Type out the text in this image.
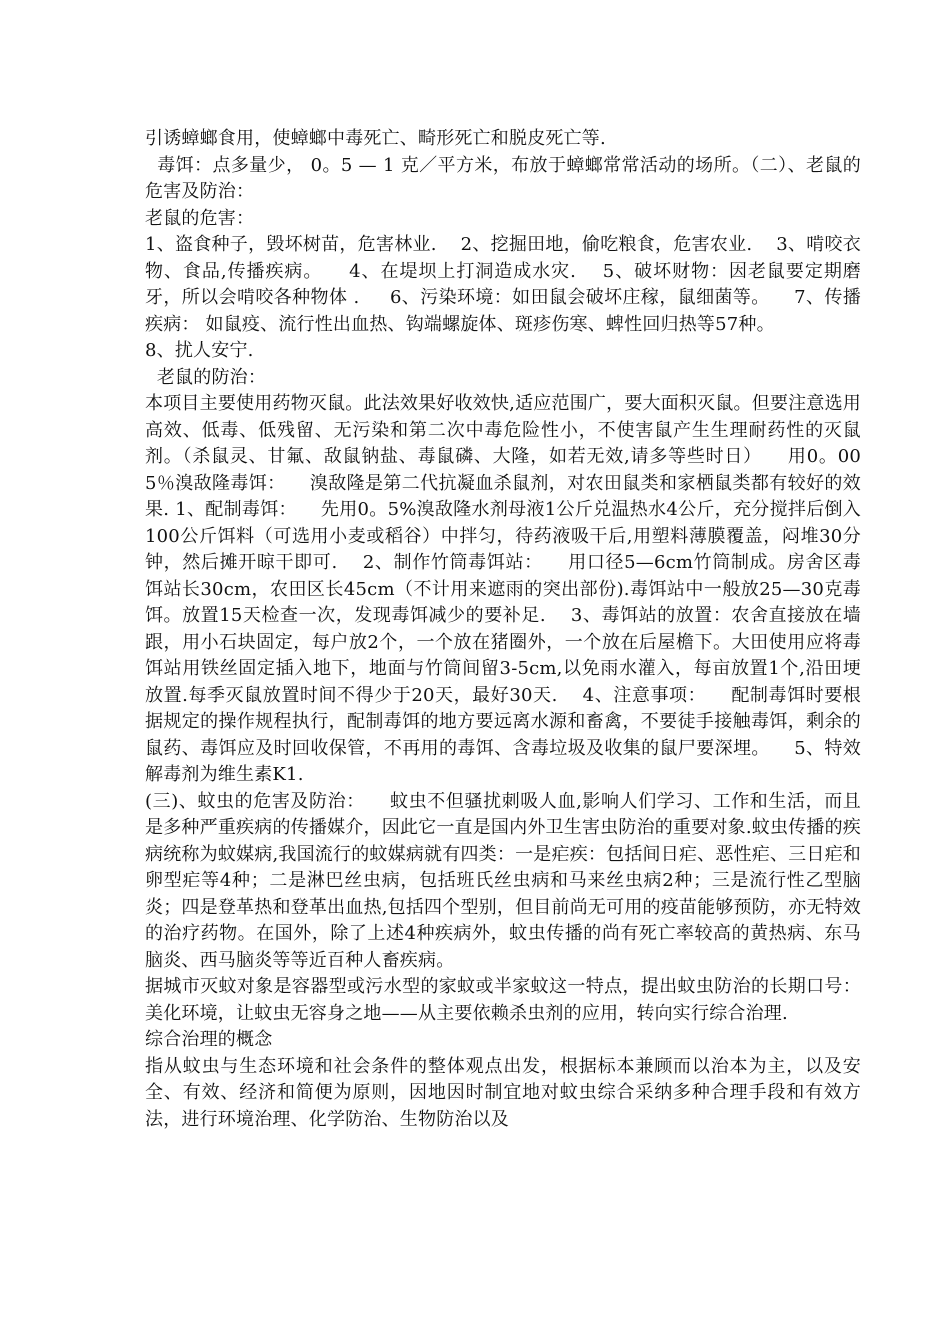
引诱蟑螂食用，使蟑螂中毒死亡、畸形死亡和脱皮死亡等.

毒饵：点多量少， 0。5 — 1 克／平方米，布放于蟑螂常常活动的场所。（二）、老鼠的危害及防治：

老鼠的危害：

1、盗食种子，毁坏树苗，危害林业.    2、挖掘田地，偷吃粮食，危害农业.    3、啃咬衣物、食品,传播疾病。    4、在堤坝上打洞造成水灾.    5、破坏财物：因老鼠要定期磨牙，所以会啃咬各种物体 .     6、污染环境：如田鼠会破坏庄稼，鼠细菌等。    7、传播疾病： 如鼠疫、流行性出血热、钩端螺旋体、斑疹伤寒、蜱性回归热等57种。

8、扰人安宁.

老鼠的防治：

本项目主要使用药物灭鼠。此法效果好收效快,适应范围广，要大面积灭鼠。但要注意选用高效、低毒、低残留、无污染和第二次中毒危险性小，不使害鼠产生生理耐药性的灭鼠剂。（杀鼠灵、甘氟、敌鼠钠盐、毒鼠磷、大隆，如若无效,请多等些时日）    用0。005％溴敌隆毒饵：    溴敌隆是第二代抗凝血杀鼠剂，对农田鼠类和家栖鼠类都有较好的效果. 1、配制毒饵：    先用0。5%溴敌隆水剂母液1公斤兑温热水4公斤，充分搅拌后倒入100公斤饵料（可选用小麦或稻谷）中拌匀，待药液吸干后,用塑料薄膜覆盖，闷堆30分钟，然后摊开晾干即可.    2、制作竹筒毒饵站：    用口径5—6cm竹筒制成。房舍区毒饵站长30cm，农田区长45cm（不计用来遮雨的突出部份).毒饵站中一般放25—30克毒饵。放置15天检查一次，发现毒饵减少的要补足.    3、毒饵站的放置：农舍直接放在墙跟，用小石块固定，每户放2个，一个放在猪圈外，一个放在后屋檐下。大田使用应将毒饵站用铁丝固定插入地下，地面与竹筒间留3-5cm,以免雨水灌入，每亩放置1个,沿田埂放置.每季灭鼠放置时间不得少于20天，最好30天.    4、注意事项：    配制毒饵时要根据规定的操作规程执行，配制毒饵的地方要远离水源和畜禽，不要徒手接触毒饵，剩余的鼠药、毒饵应及时回收保管，不再用的毒饵、含毒垃圾及收集的鼠尸要深埋。    5、特效解毒剂为维生素K1.

(三)、蚊虫的危害及防治：    蚊虫不但骚扰刺吸人血,影响人们学习、工作和生活，而且是多种严重疾病的传播媒介，因此它一直是国内外卫生害虫防治的重要对象.蚊虫传播的疾病统称为蚊媒病,我国流行的蚊媒病就有四类：一是疟疾：包括间日疟、恶性疟、三日疟和卵型疟等4种；二是淋巴丝虫病，包括班氏丝虫病和马来丝虫病2种；三是流行性乙型脑炎；四是登革热和登革出血热,包括四个型别，但目前尚无可用的疫苗能够预防，亦无特效的治疗药物。在国外，除了上述4种疾病外，蚊虫传播的尚有死亡率较高的黄热病、东马脑炎、西马脑炎等等近百种人畜疾病。

据城市灭蚊对象是容器型或污水型的家蚊或半家蚊这一特点，提出蚊虫防治的长期口号：美化环境，让蚊虫无容身之地——从主要依赖杀虫剂的应用，转向实行综合治理.

综合治理的概念

指从蚊虫与生态环境和社会条件的整体观点出发，根据标本兼顾而以治本为主，以及安全、有效、经济和简便为原则，因地因时制宜地对蚊虫综合采纳多种合理手段和有效方法，进行环境治理、化学防治、生物防治以及
